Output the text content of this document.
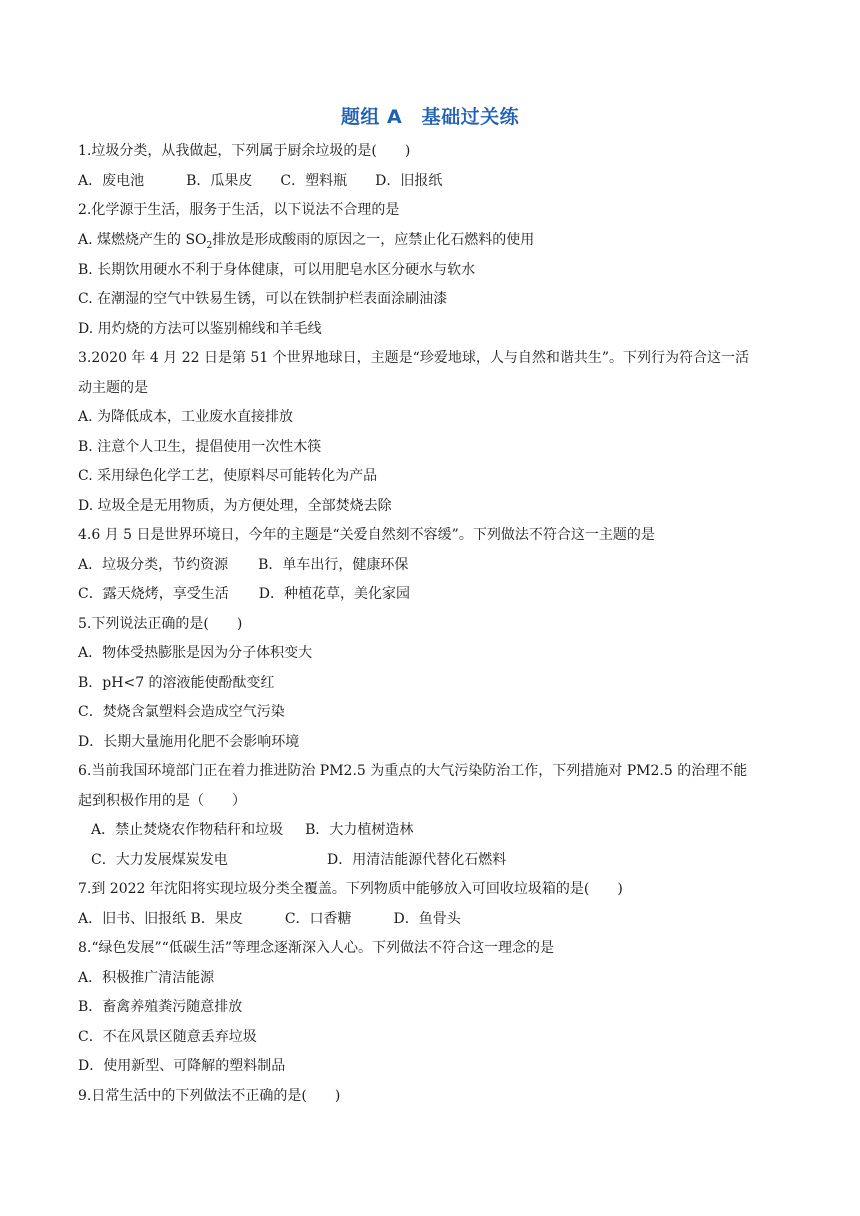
题组 A　基础过关练
1.垃圾分类，从我做起，下列属于厨余垃圾的是(　　)
A．废电池　　　B．瓜果皮　　C．塑料瓶　　D．旧报纸
2.化学源于生活，服务于生活，以下说法不合理的是
A. 煤燃烧产生的 $SO_2$排放是形成酸雨的原因之一，应禁止化石燃料的使用
B. 长期饮用硬水不利于身体健康，可以用肥皂水区分硬水与软水
C. 在潮湿的空气中铁易生锈，可以在铁制护栏表面涂刷油漆
D. 用灼烧的方法可以鉴别棉线和羊毛线
3.2020 年 4 月 22 日是第 51 个世界地球日，主题是“珍爱地球，人与自然和谐共生”。下列行为符合这一活
动主题的是
A. 为降低成本，工业废水直接排放
B. 注意个人卫生，提倡使用一次性木筷
C. 采用绿色化学工艺，使原料尽可能转化为产品
D. 垃圾全是无用物质，为方便处理，全部焚烧去除
4.6 月 5 日是世界环境日，今年的主题是“关爱自然刻不容缓”。下列做法不符合这一主题的是
A．垃圾分类，节约资源 B．单车出行，健康环保
C．露天烧烤，享受生活 D．种植花草，美化家园
5.下列说法正确的是(　　)
A．物体受热膨胀是因为分子体积变大
B．pH<7 的溶液能使酚酞变红
C．焚烧含氯塑料会造成空气污染
D．长期大量施用化肥不会影响环境
6.当前我国环境部门正在着力推进防治 PM2.5 为重点的大气污染防治工作，下列措施对 PM2.5 的治理不能
起到积极作用的是（　　）
A．禁止焚烧农作物秸秆和垃圾 B．大力植树造林
C．大力发展煤炭发电	D．用清洁能源代替化石燃料
7.到 2022 年沈阳将实现垃圾分类全覆盖。下列物质中能够放入可回收垃圾箱的是(　　)
A．旧书、旧报纸 B．果皮　　　C．口香糖　　　D．鱼骨头
8.“绿色发展”“低碳生活”等理念逐渐深入人心。下列做法不符合这一理念的是
A．积极推广清洁能源
B．畜禽养殖粪污随意排放
C．不在风景区随意丢弃垃圾
D．使用新型、可降解的塑料制品
9.日常生活中的下列做法不正确的是(　　)
